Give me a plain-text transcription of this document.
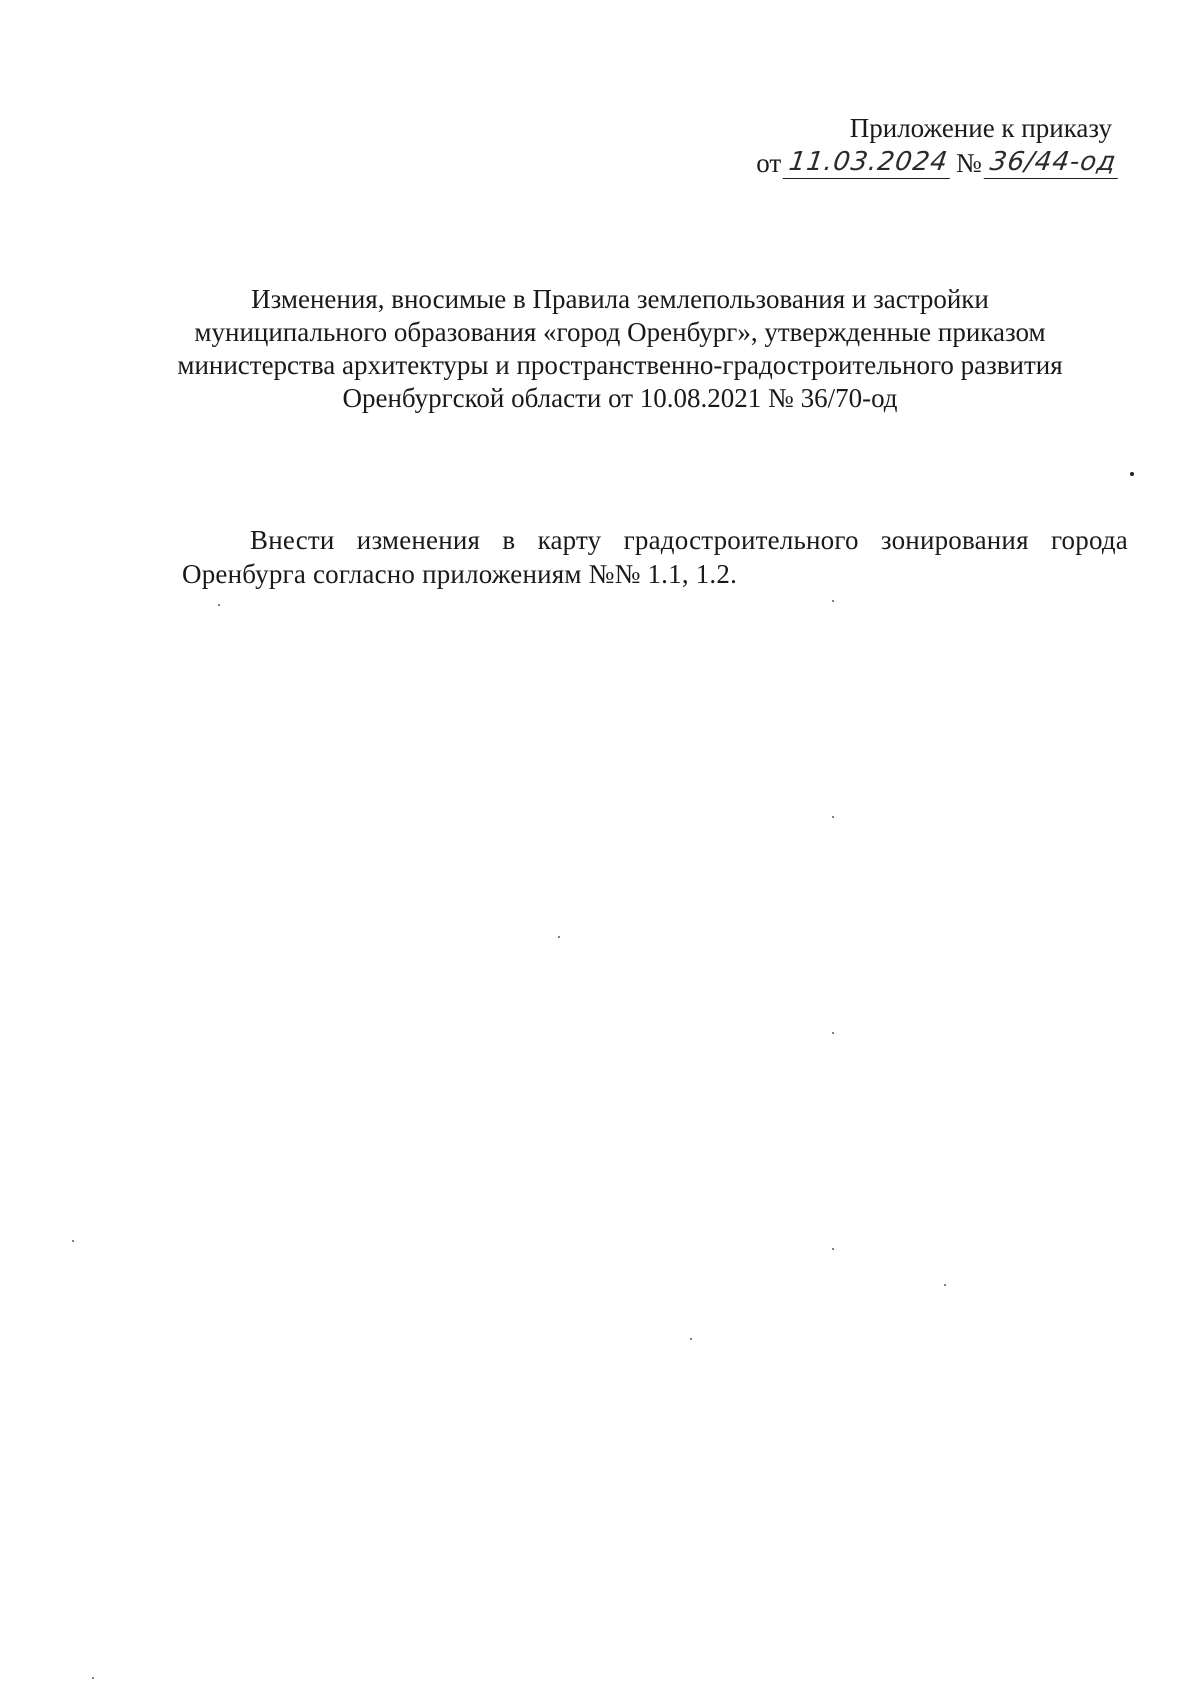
Приложение к приказу
от 11.03.2024 № 36/44-од
Изменения, вносимые в Правила землепользования и застройки
муниципального образования «город Оренбург», утвержденные приказом
министерства архитектуры и пространственно-градостроительного развития
Оренбургской области от 10.08.2021 № 36/70-од

Внести изменения в карту градостроительного зонирования города Оренбурга согласно приложениям №№ 1.1, 1.2.
